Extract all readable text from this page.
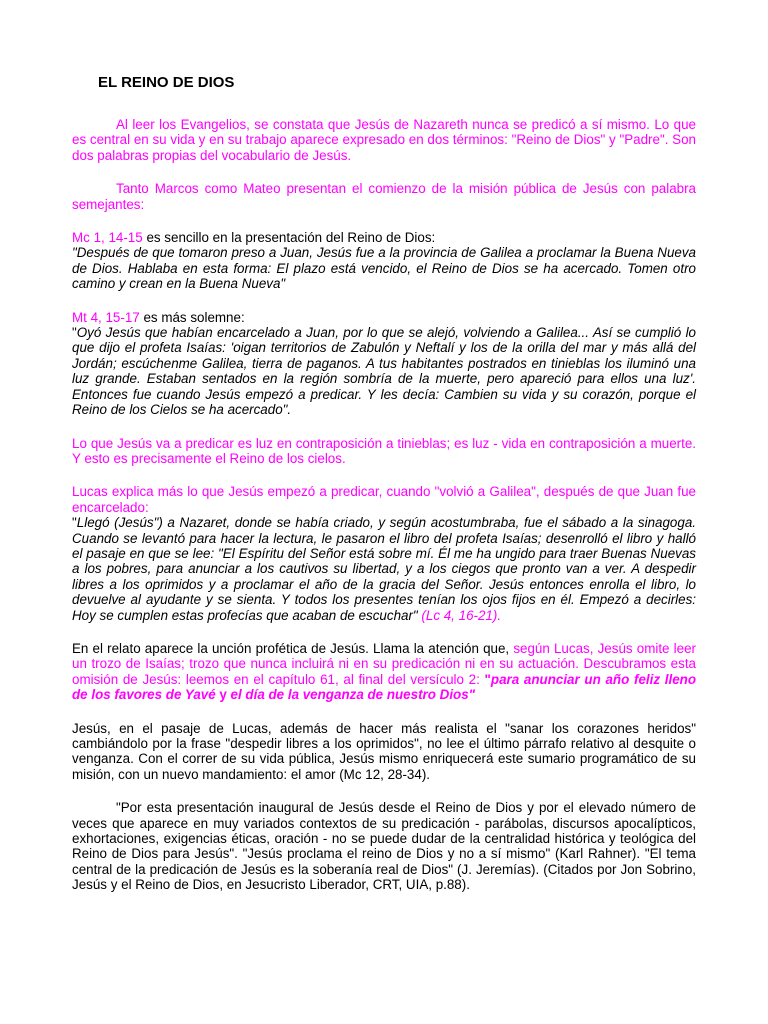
EL REINO DE DIOS

Al leer los Evangelios, se constata que Jesús de Nazareth nunca se predicó a sí mismo. Lo que es central en su vida y en su trabajo aparece expresado en dos términos: "Reino de Dios" y "Padre". Son dos palabras propias del vocabulario de Jesús.

Tanto Marcos como Mateo presentan el comienzo de la misión pública de Jesús con palabra semejantes:

Mc 1, 14-15 es sencillo en la presentación del Reino de Dios:
"Después de que tomaron preso a Juan, Jesús fue a la provincia de Galilea a proclamar la Buena Nueva de Dios. Hablaba en esta forma: El plazo está vencido, el Reino de Dios se ha acercado. Tomen otro camino y crean en la Buena Nueva"

Mt 4, 15-17 es más solemne:
"Oyó Jesús que habían encarcelado a Juan, por lo que se alejó, volviendo a Galilea... Así se cumplió lo que dijo el profeta Isaías: 'oigan territorios de Zabulón y Neftalí y los de la orilla del mar y más allá del Jordán; escúchenme Galilea, tierra de paganos. A tus habitantes postrados en tinieblas los iluminó una luz grande. Estaban sentados en la región sombría de la muerte, pero apareció para ellos una luz'. Entonces fue cuando Jesús empezó a predicar. Y les decía: Cambien su vida y su corazón, porque el Reino de los Cielos se ha acercado".

Lo que Jesús va a predicar es luz en contraposición a tinieblas; es luz - vida en contraposición a muerte. Y esto es precisamente el Reino de los cielos.

Lucas explica más lo que Jesús empezó a predicar, cuando "volvió a Galilea", después de que Juan fue encarcelado:
"Llegó (Jesús") a Nazaret, donde se había criado, y según acostumbraba, fue el sábado a la sinagoga. Cuando se levantó para hacer la lectura, le pasaron el libro del profeta Isaías; desenrolló el libro y halló el pasaje en que se lee: "El Espíritu del Señor está sobre mí. Él me ha ungido para traer Buenas Nuevas a los pobres, para anunciar a los cautivos su libertad, y a los ciegos que pronto van a ver. A despedir libres a los oprimidos y a proclamar el año de la gracia del Señor. Jesús entonces enrolla el libro, lo devuelve al ayudante y se sienta. Y todos los presentes tenían los ojos fijos en él. Empezó a decirles: Hoy se cumplen estas profecías que acaban de escuchar" (Lc 4, 16-21).

En el relato aparece la unción profética de Jesús. Llama la atención que, según Lucas, Jesús omite leer un trozo de Isaías; trozo que nunca incluirá ni en su predicación ni en su actuación. Descubramos esta omisión de Jesús: leemos en el capítulo 61, al final del versículo 2: "para anunciar un año feliz lleno de los favores de Yavé y el día de la venganza de nuestro Dios"

Jesús, en el pasaje de Lucas, además de hacer más realista el "sanar los corazones heridos" cambiándolo por la frase "despedir libres a los oprimidos", no lee el último párrafo relativo al desquite o venganza. Con el correr de su vida pública, Jesús mismo enriquecerá este sumario programático de su misión, con un nuevo mandamiento: el amor (Mc 12, 28-34).

"Por esta presentación inaugural de Jesús desde el Reino de Dios y por el elevado número de veces que aparece en muy variados contextos de su predicación - parábolas, discursos apocalípticos, exhortaciones, exigencias éticas, oración - no se puede dudar de la centralidad histórica y teológica del Reino de Dios para Jesús". "Jesús proclama el reino de Dios y no a sí mismo" (Karl Rahner). "El tema central de la predicación de Jesús es la soberanía real de Dios" (J. Jeremías). (Citados por Jon Sobrino, Jesús y el Reino de Dios, en Jesucristo Liberador, CRT, UIA, p.88).
